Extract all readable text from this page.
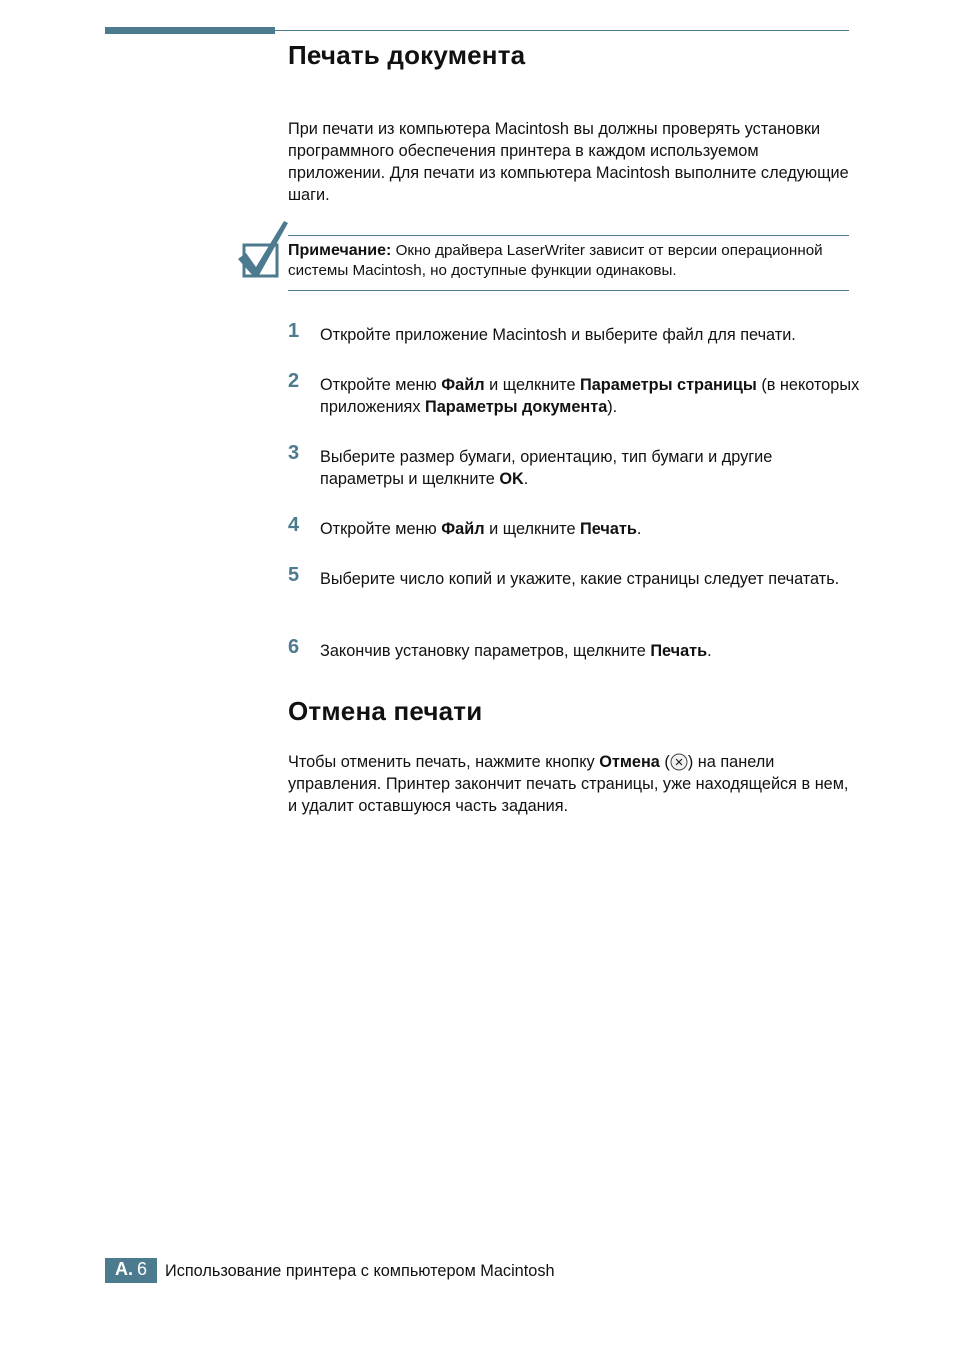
Печать документа

При печати из компьютера Macintosh вы должны проверять установки программного обеспечения принтера в каждом используемом приложении. Для печати из компьютера Macintosh выполните следующие шаги.

Примечание: Окно драйвера LaserWriter зависит от версии операционной системы Macintosh, но доступные функции одинаковы.

1 Откройте приложение Macintosh и выберите файл для печати.

2 Откройте меню Файл и щелкните Параметры страницы (в некоторых приложениях Параметры документа).

3 Выберите размер бумаги, ориентацию, тип бумаги и другие параметры и щелкните OK.

4 Откройте меню Файл и щелкните Печать.

5 Выберите число копий и укажите, какие страницы следует печатать.

6 Закончив установку параметров, щелкните Печать.

Отмена печати

Чтобы отменить печать, нажмите кнопку Отмена ( ) на панели управления. Принтер закончит печать страницы, уже находящейся в нем, и удалит оставшуюся часть задания.

A. 6 Использование принтера с компьютером Macintosh
